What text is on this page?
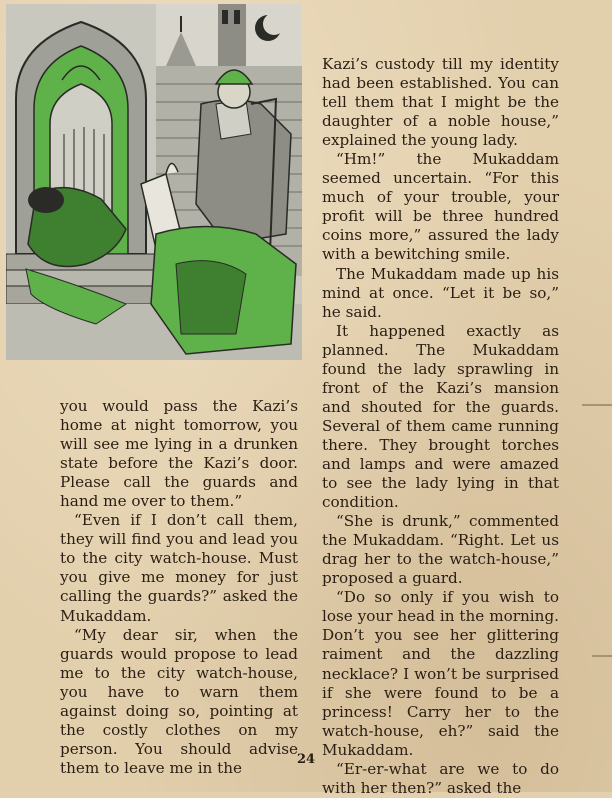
you would pass the Kazi’s home at night tomorrow, you will see me lying in a drunken state before the Kazi’s door. Please call the guards and hand me over to them.”

“Even if I don’t call them, they will find you and lead you to the city watch-house. Must you give me money for just calling the guards?” asked the Mukaddam.

“My dear sir, when the guards would propose to lead me to the city watch-house, you have to warn them against doing so, pointing at the costly clothes on my person. You should advise them to leave me in the

Kazi’s custody till my identity had been established. You can tell them that I might be the daughter of a noble house,” explained the young lady.

“Hm!” the Mukaddam seemed uncertain. “For this much of your trouble, your profit will be three hundred coins more,” assured the lady with a bewitching smile.

The Mukaddam made up his mind at once. “Let it be so,” he said.

It happened exactly as planned. The Mukaddam found the lady sprawling in front of the Kazi’s mansion and shouted for the guards. Several of them came running there. They brought torches and lamps and were amazed to see the lady lying in that condition.

“She is drunk,” commented the Mukaddam. “Right. Let us drag her to the watch-house,” proposed a guard.

“Do so only if you wish to lose your head in the morning. Don’t you see her glittering raiment and the dazzling necklace? I won’t be surprised if she were found to be a princess! Carry her to the watch-house, eh?” said the Mukaddam.

“Er-er-what are we to do with her then?” asked the

24
